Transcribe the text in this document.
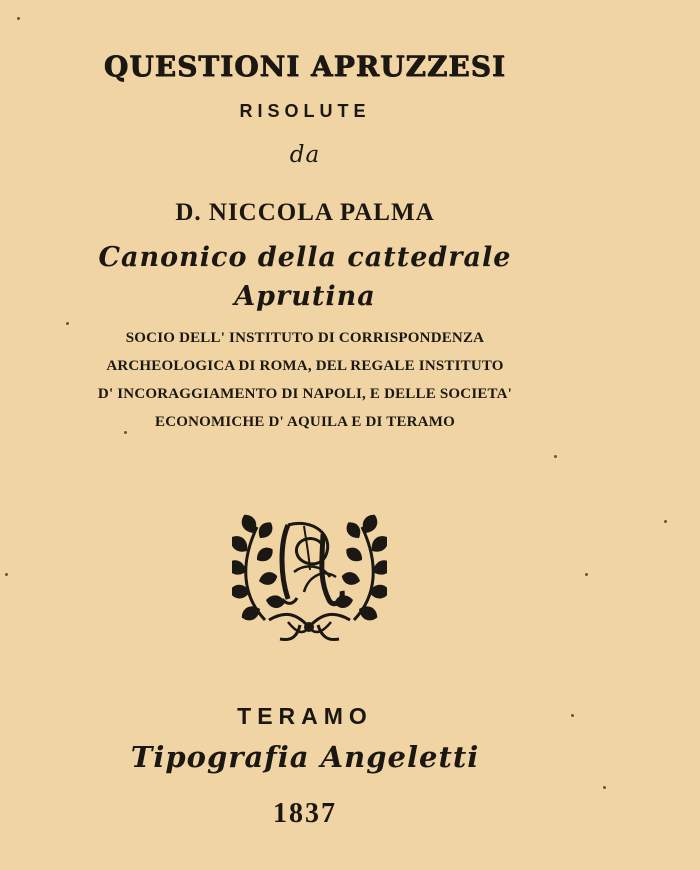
QUESTIONI APRUZZESI
RISOLUTE
da
D. NICCOLA PALMA
Canonico della cattedrale
Aprutina
SOCIO DELL' INSTITUTO DI CORRISPONDENZA
ARCHEOLOGICA DI ROMA, DEL REGALE INSTITUTO
D' INCORAGGIAMENTO DI NAPOLI, E DELLE SOCIETA'
ECONOMICHE D' AQUILA E DI TERAMO
TERAMO
Tipografia Angeletti
1837
